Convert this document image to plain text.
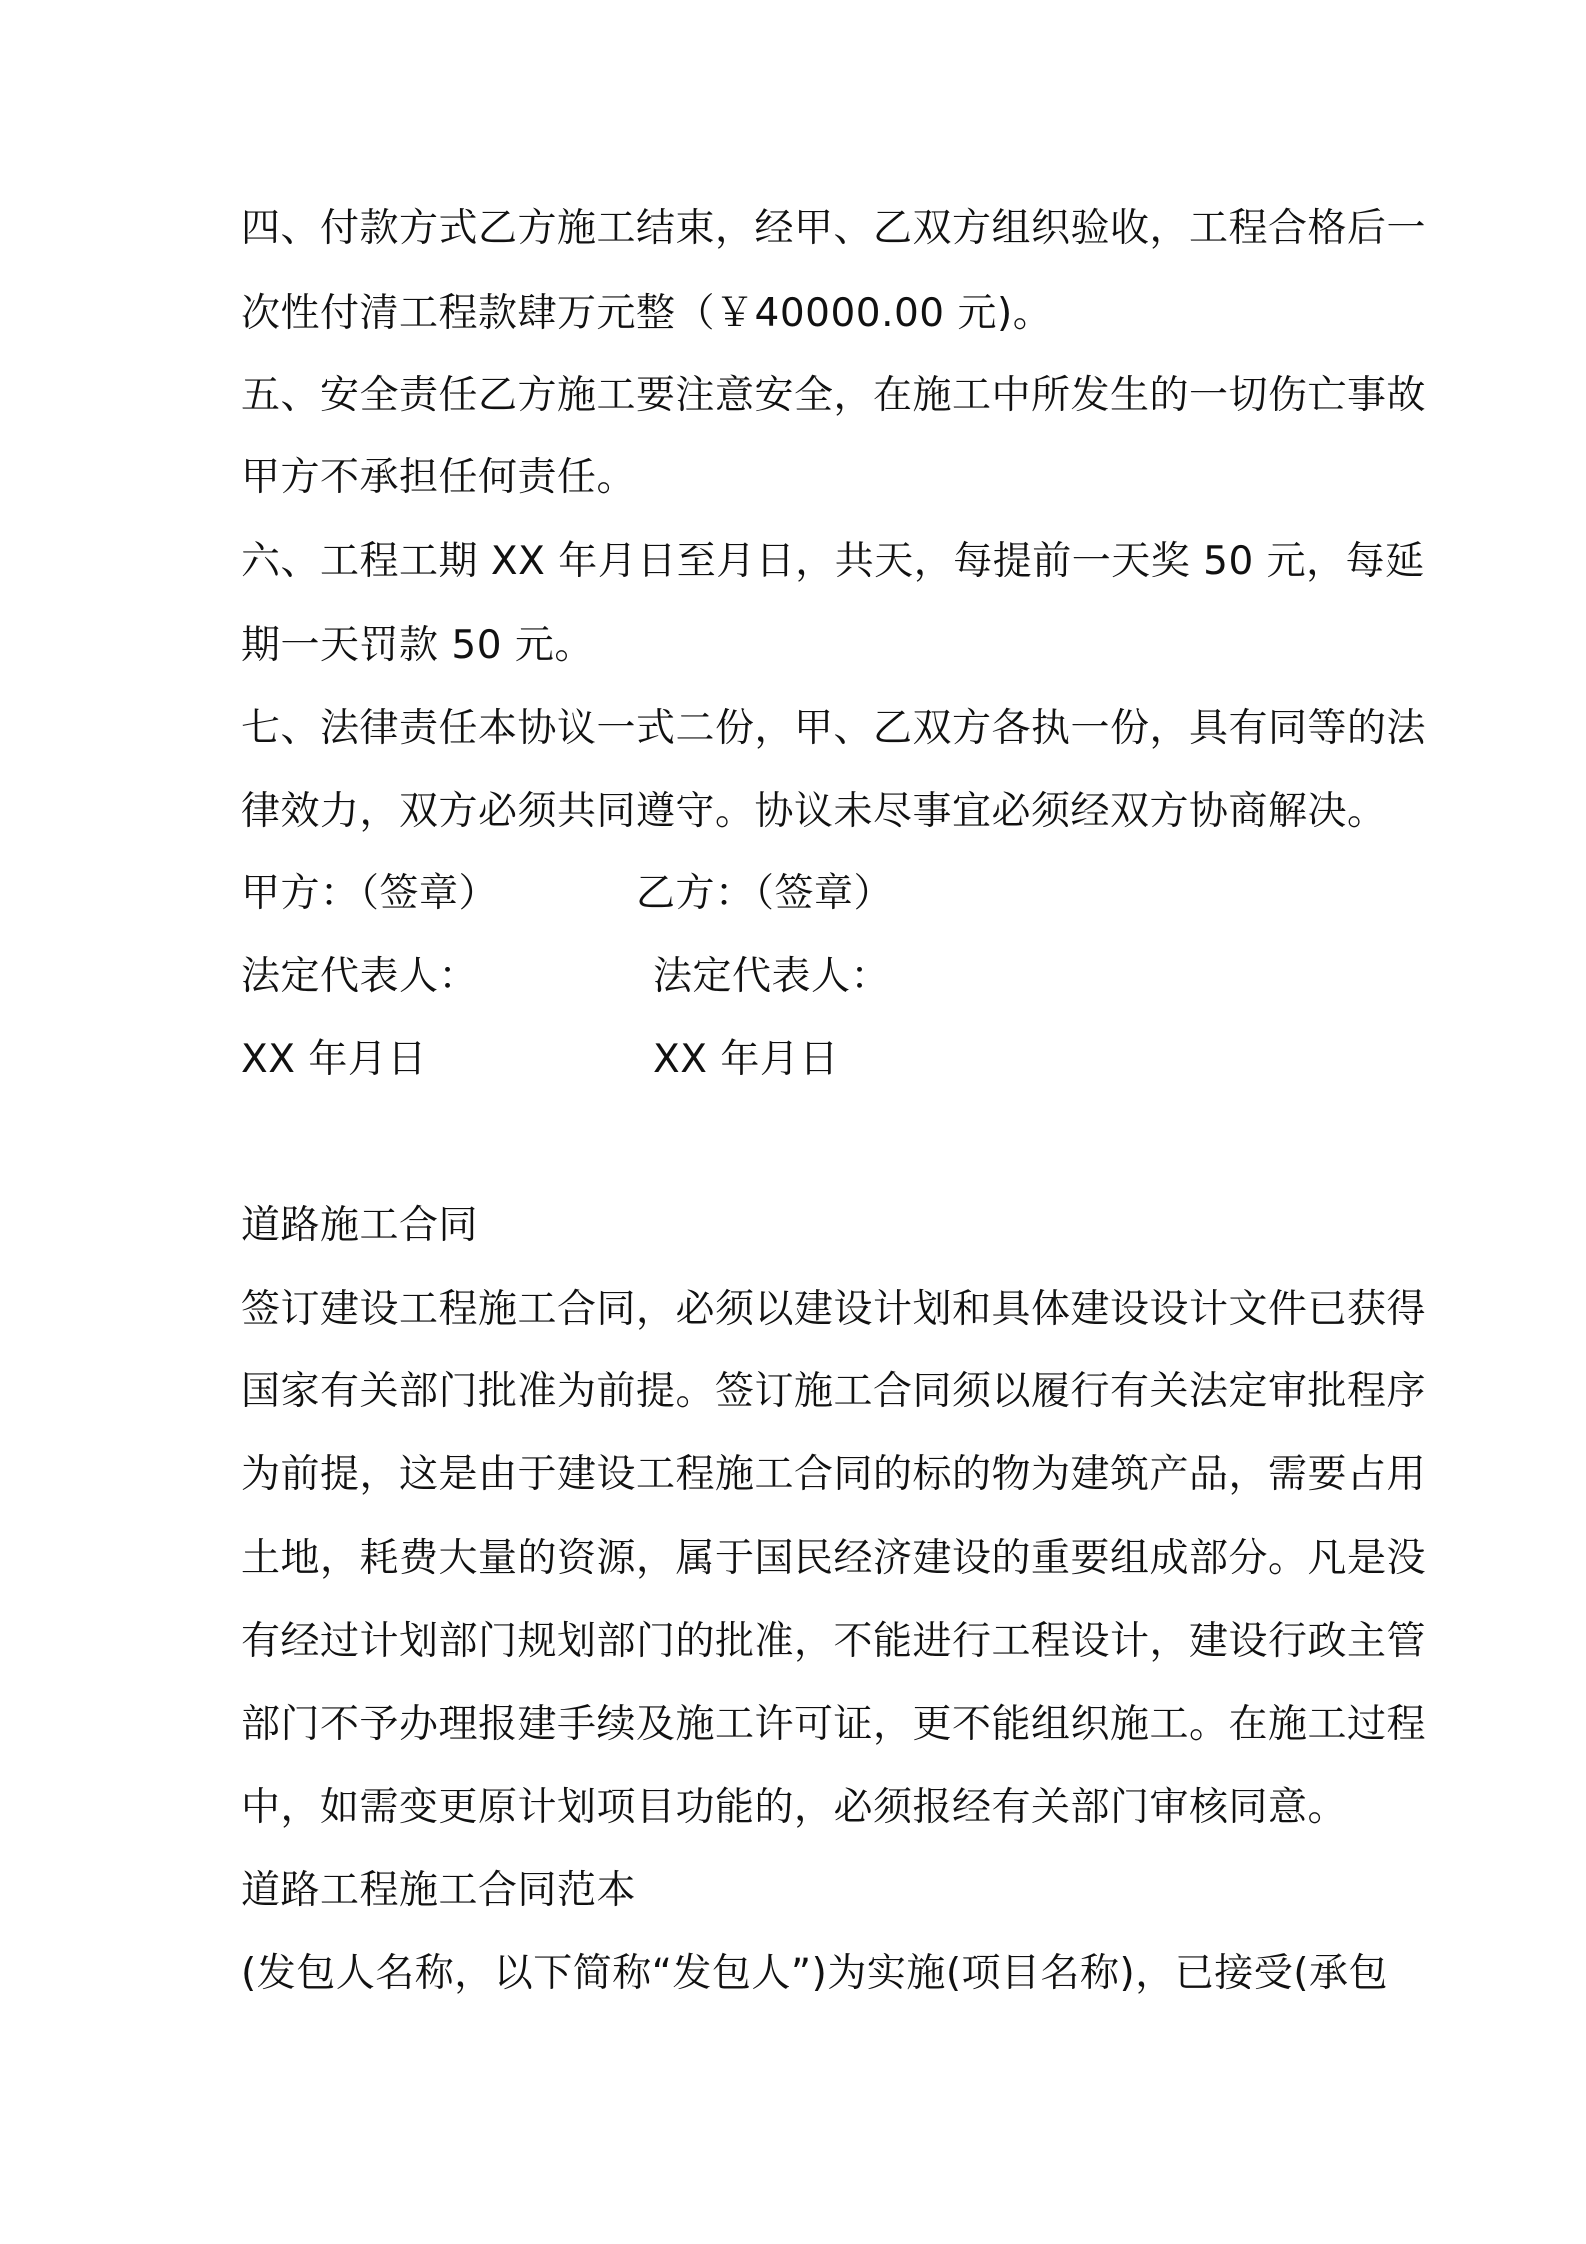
四、付款方式乙方施工结束，经甲、乙双方组织验收，工程合格后一
次性付清工程款肆万元整（￥40000.00 元)。
五、安全责任乙方施工要注意安全，在施工中所发生的一切伤亡事故
甲方不承担任何责任。
六、工程工期 XX 年月日至月日，共天，每提前一天奖 50 元，每延
期一天罚款 50 元。
七、法律责任本协议一式二份，甲、乙双方各执一份，具有同等的法
律效力，双方必须共同遵守。协议未尽事宜必须经双方协商解决。
甲方：（签章）	乙方：（签章）
法定代表人：	法定代表人：
XX 年月日	XX 年月日
道路施工合同
签订建设工程施工合同，必须以建设计划和具体建设设计文件已获得
国家有关部门批准为前提。签订施工合同须以履行有关法定审批程序
为前提，这是由于建设工程施工合同的标的物为建筑产品，需要占用
土地，耗费大量的资源，属于国民经济建设的重要组成部分。凡是没
有经过计划部门规划部门的批准，不能进行工程设计，建设行政主管
部门不予办理报建手续及施工许可证，更不能组织施工。在施工过程
中，如需变更原计划项目功能的，必须报经有关部门审核同意。
道路工程施工合同范本
(发包人名称，以下简称“发包人”)为实施(项目名称)，已接受(承包
